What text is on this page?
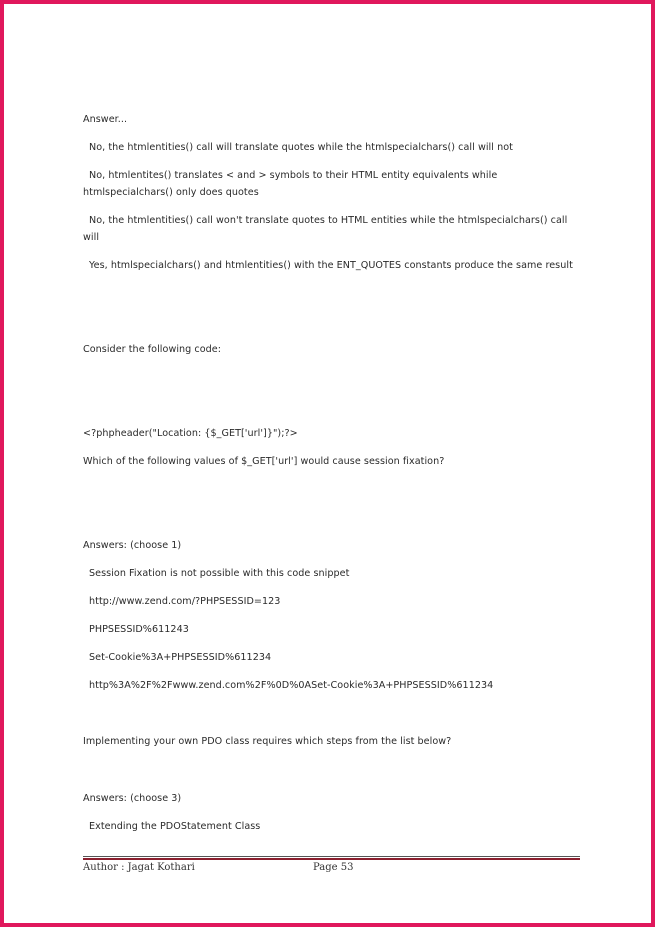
Answer...
No, the htmlentities() call will translate quotes while the htmlspecialchars() call will not
No, htmlentites() translates < and > symbols to their HTML entity equivalents while htmlspecialchars() only does quotes
No, the htmlentities() call won't translate quotes to HTML entities while the htmlspecialchars() call will
Yes, htmlspecialchars() and htmlentities() with the ENT_QUOTES constants produce the same result
Consider the following code:
<?phpheader("Location: {$_GET['url']}");?>
Which of the following values of $_GET['url'] would cause session fixation?
Answers: (choose 1)
Session Fixation is not possible with this code snippet
http://www.zend.com/?PHPSESSID=123
PHPSESSID%611243
Set-Cookie%3A+PHPSESSID%611234
http%3A%2F%2Fwww.zend.com%2F%0D%0ASet-Cookie%3A+PHPSESSID%611234
Implementing your own PDO class requires which steps from the list below?
Answers: (choose 3)
Extending the PDOStatement Class
Author : Jagat Kothari	Page 53
